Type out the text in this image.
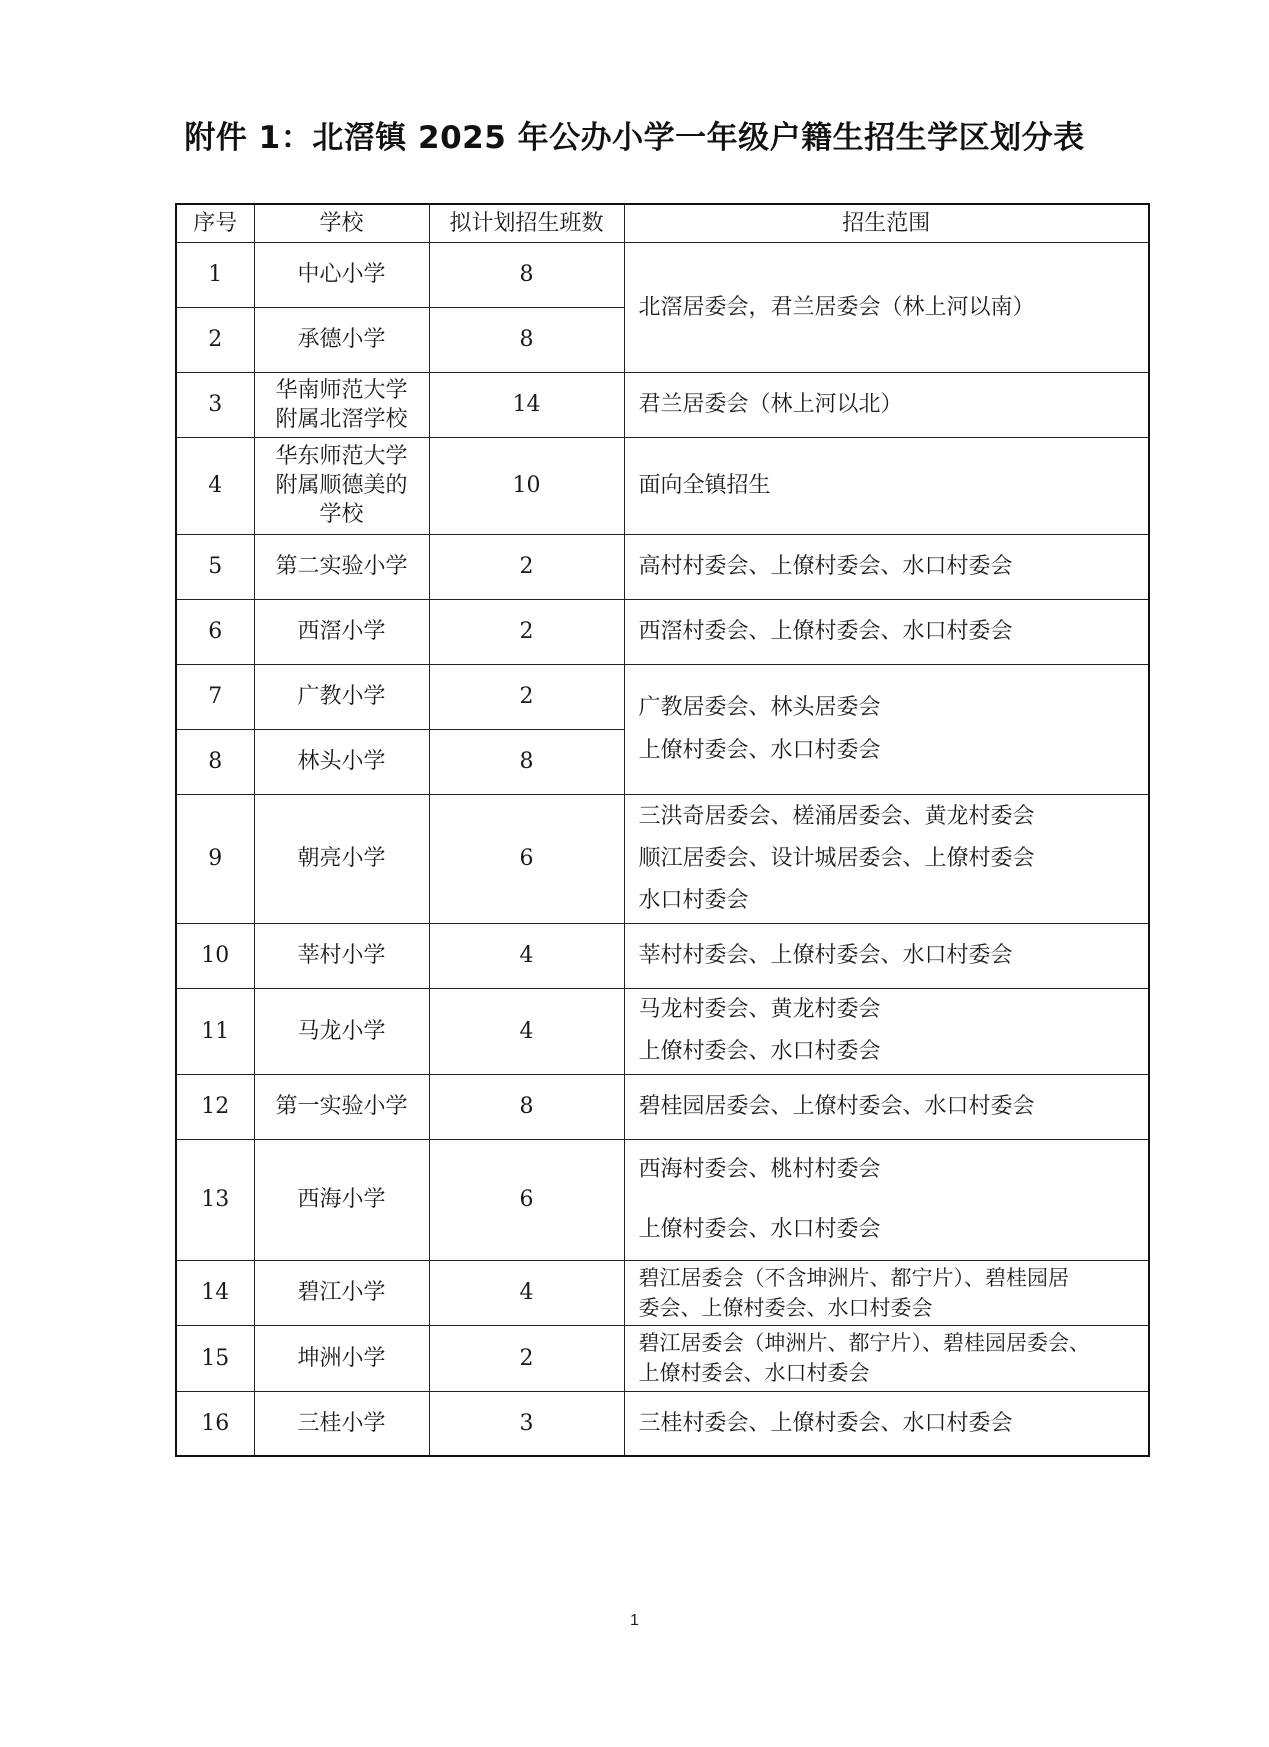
附件 1：北滘镇 2025 年公办小学一年级户籍生招生学区划分表
序号	学校	拟计划招生班数	招生范围
1	中心小学	8	北滘居委会，君兰居委会（林上河以南）

2	承德小学	8	
3	华南师范大学
附属北滘学校	14	君兰居委会（林上河以北）

4	华东师范大学
附属顺德美的
学校	10	面向全镇招生

5	第二实验小学	2	高村村委会、上僚村委会、水口村委会

6	西滘小学	2	西滘村委会、上僚村委会、水口村委会

7	广教小学	2	广教居委会、林头居委会
上僚村委会、水口村委会

8	林头小学	8	
9	朝亮小学	6	三洪奇居委会、槎涌居委会、黄龙村委会
顺江居委会、设计城居委会、上僚村委会
水口村委会

10	莘村小学	4	莘村村委会、上僚村委会、水口村委会

11	马龙小学	4	马龙村委会、黄龙村委会
上僚村委会、水口村委会

12	第一实验小学	8	碧桂园居委会、上僚村委会、水口村委会

13	西海小学	6	西海村委会、桃村村委会
上僚村委会、水口村委会

14	碧江小学	4	碧江居委会（不含坤洲片、都宁片）、碧桂园居
委会、上僚村委会、水口村委会

15	坤洲小学	2	碧江居委会（坤洲片、都宁片）、碧桂园居委会、
上僚村委会、水口村委会

16	三桂小学	3	三桂村委会、上僚村委会、水口村委会
1
